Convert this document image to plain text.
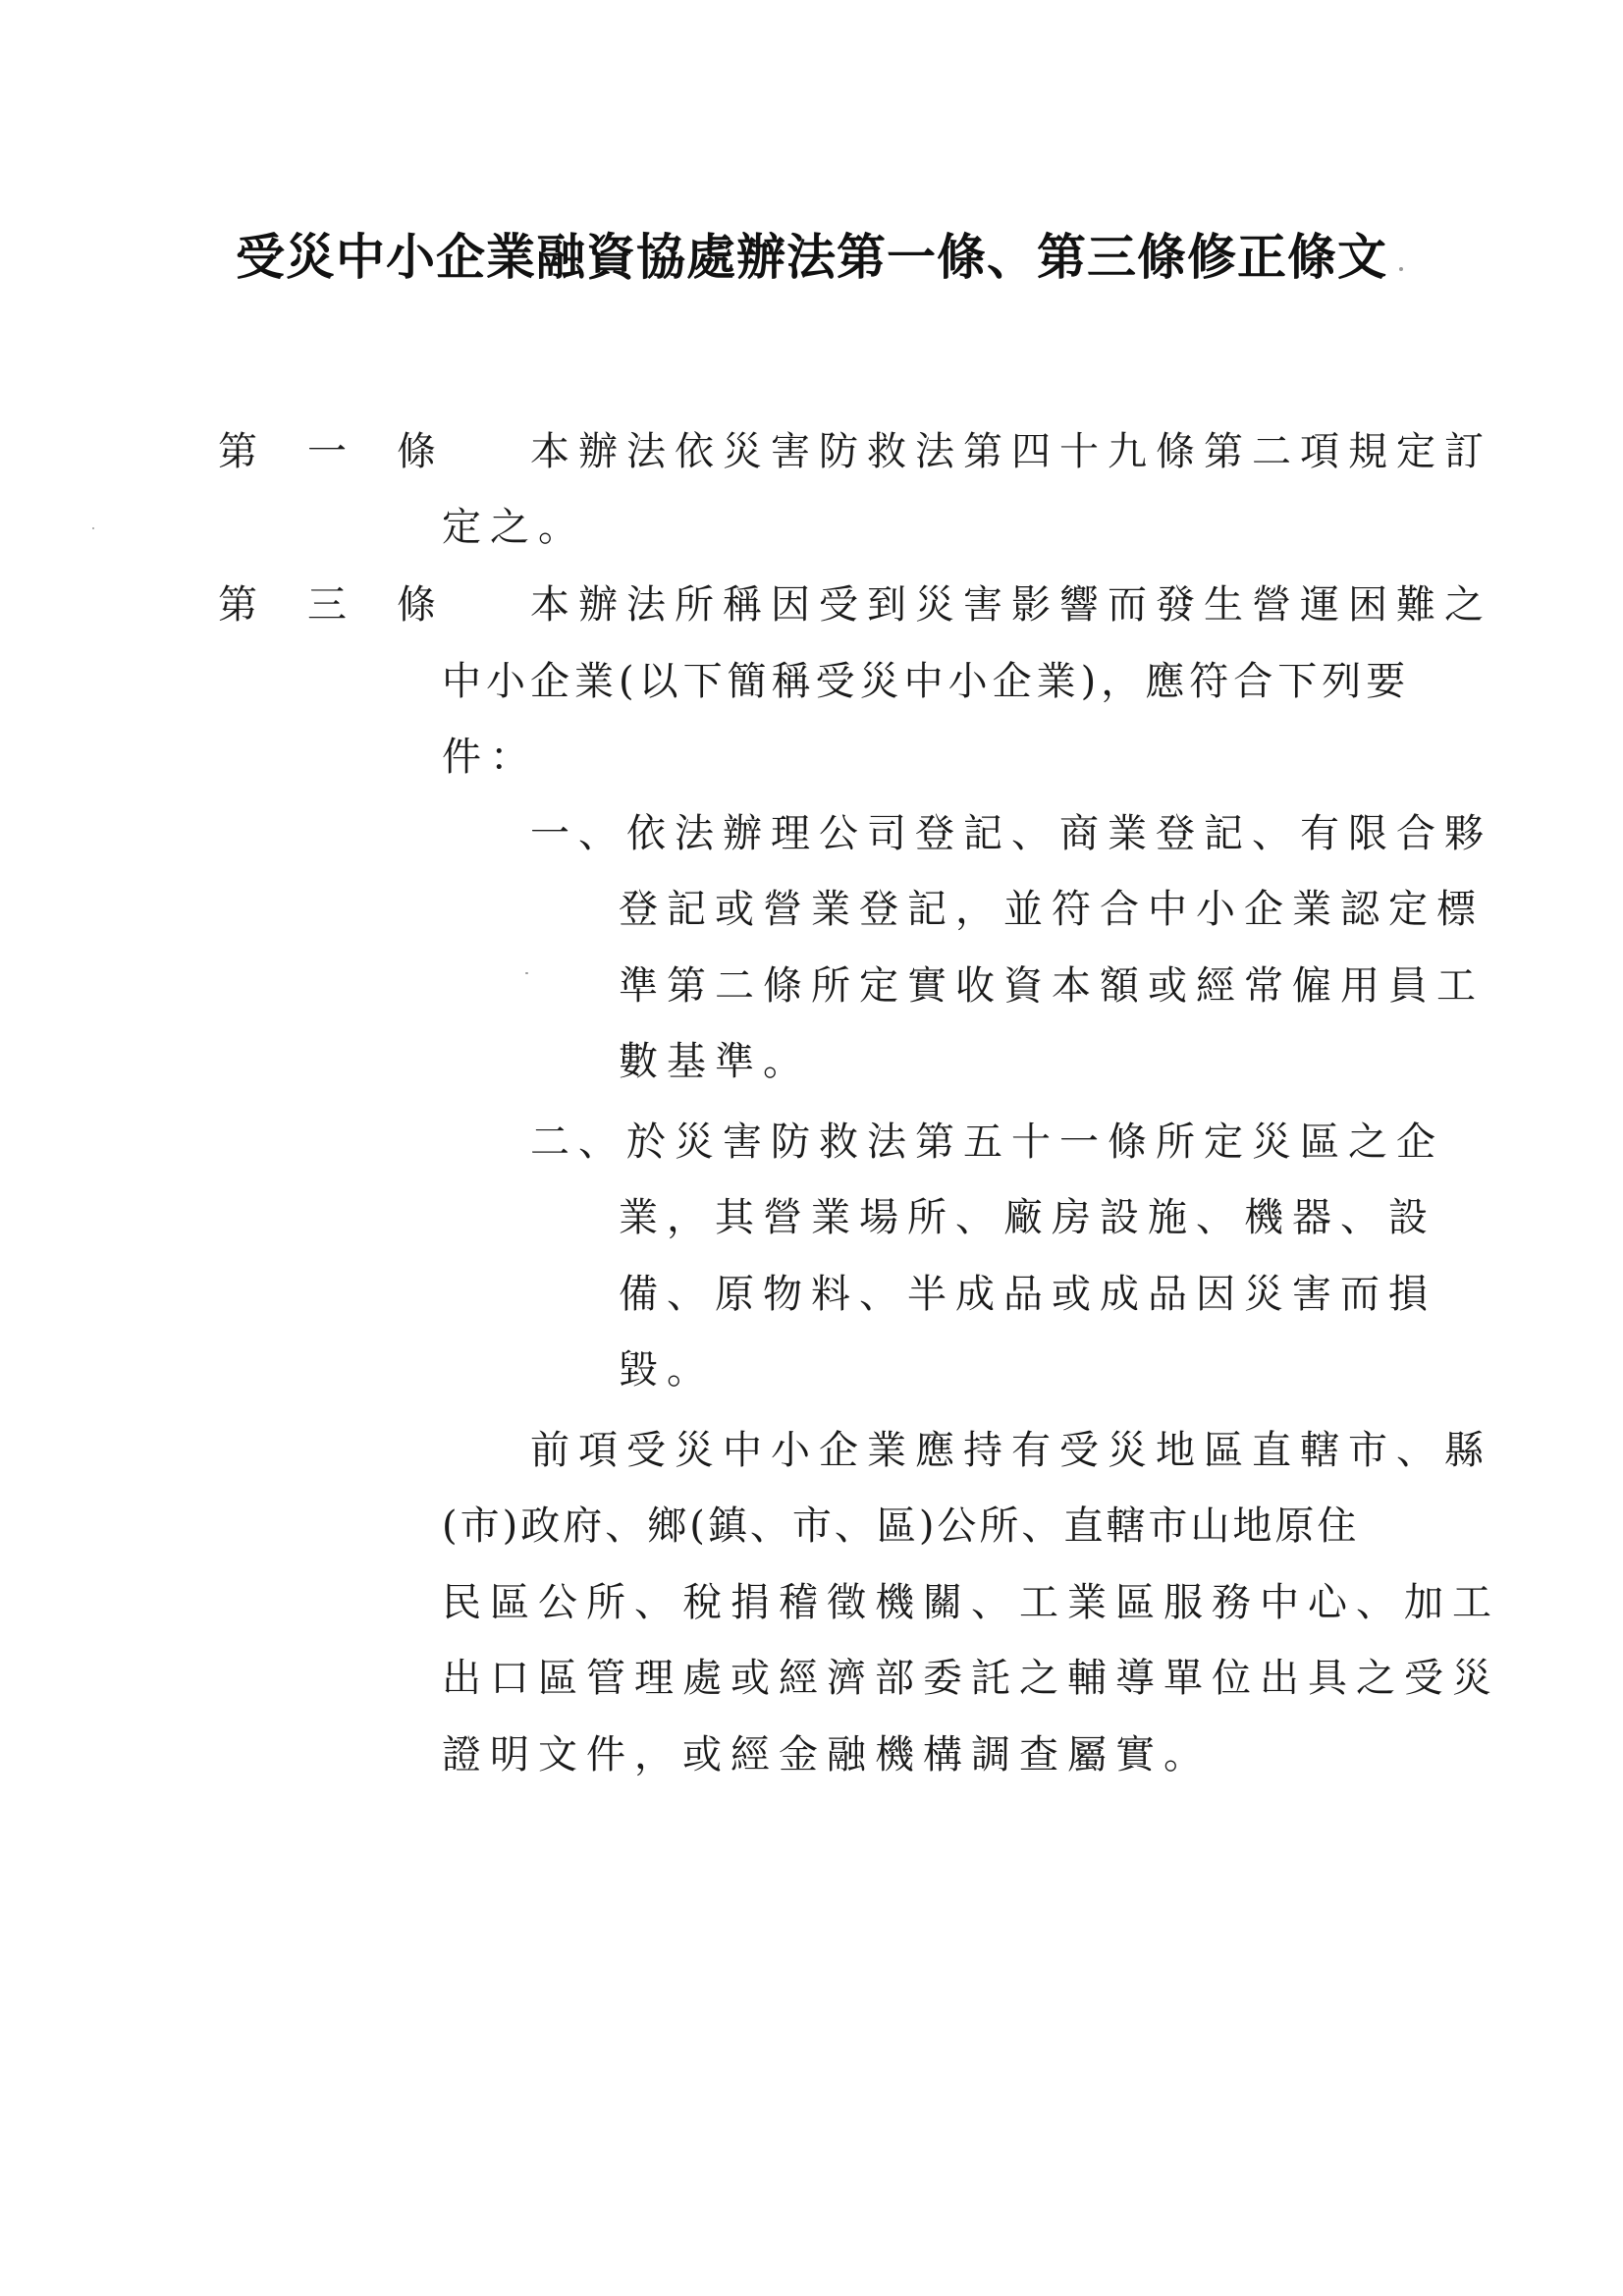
受災中小企業融資協處辦法第一條、第三條修正條文
第 一 條 本辦法依災害防救法第四十九條第二項規定訂
定之。
第 三 條 本辦法所稱因受到災害影響而發生營運困難之
中小企業(以下簡稱受災中小企業)，應符合下列要
件：
一、依法辦理公司登記、商業登記、有限合夥
登記或營業登記，並符合中小企業認定標
準第二條所定實收資本額或經常僱用員工
數基準。
二、於災害防救法第五十一條所定災區之企
業，其營業場所、廠房設施、機器、設
備、原物料、半成品或成品因災害而損
毀。
前項受災中小企業應持有受災地區直轄市、縣
(市)政府、鄉(鎮、市、區)公所、直轄市山地原住
民區公所、稅捐稽徵機關、工業區服務中心、加工
出口區管理處或經濟部委託之輔導單位出具之受災
證明文件，或經金融機構調查屬實。
